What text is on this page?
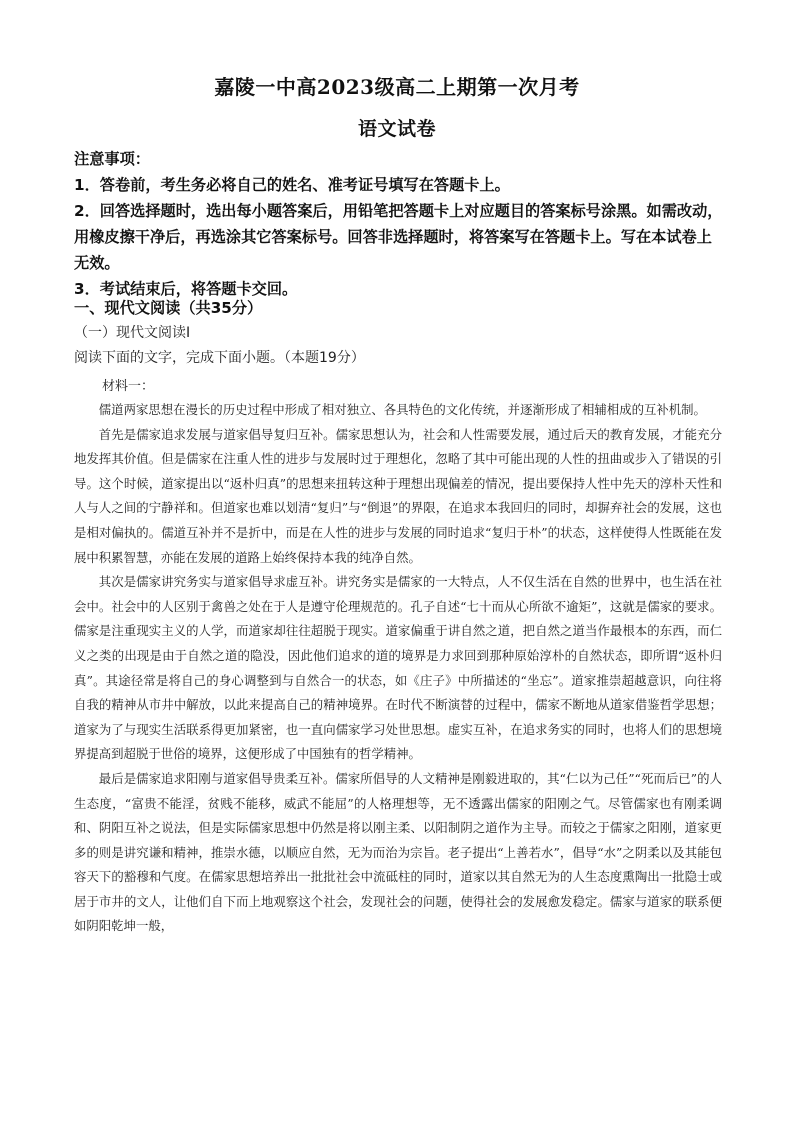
嘉陵一中高2023级高二上期第一次月考
语文试卷

注意事项：

1．答卷前，考生务必将自己的姓名、准考证号填写在答题卡上。

2．回答选择题时，选出每小题答案后，用铅笔把答题卡上对应题目的答案标号涂黑。如需改动，用橡皮擦干净后，再选涂其它答案标号。回答非选择题时，将答案写在答题卡上。写在本试卷上无效。

3．考试结束后，将答题卡交回。

一、现代文阅读（共35分）
（一）现代文阅读Ⅰ
阅读下面的文字，完成下面小题。（本题19分）
材料一：

儒道两家思想在漫长的历史过程中形成了相对独立、各具特色的文化传统，并逐渐形成了相辅相成的互补机制。

首先是儒家追求发展与道家倡导复归互补。儒家思想认为，社会和人性需要发展，通过后天的教育发展，才能充分地发挥其价值。但是儒家在注重人性的进步与发展时过于理想化，忽略了其中可能出现的人性的扭曲或步入了错误的引导。这个时候，道家提出以“返朴归真”的思想来扭转这种于理想出现偏差的情况，提出要保持人性中先天的淳朴天性和人与人之间的宁静祥和。但道家也难以划清“复归”与“倒退”的界限，在追求本我回归的同时，却摒弃社会的发展，这也是相对偏执的。儒道互补并不是折中，而是在人性的进步与发展的同时追求“复归于朴”的状态，这样使得人性既能在发展中积累智慧，亦能在发展的道路上始终保持本我的纯净自然。

其次是儒家讲究务实与道家倡导求虚互补。讲究务实是儒家的一大特点，人不仅生活在自然的世界中，也生活在社会中。社会中的人区别于禽兽之处在于人是遵守伦理规范的。孔子自述“七十而从心所欲不逾矩”，这就是儒家的要求。儒家是注重现实主义的人学，而道家却往往超脱于现实。道家偏重于讲自然之道，把自然之道当作最根本的东西，而仁义之类的出现是由于自然之道的隐没，因此他们追求的道的境界是力求回到那种原始淳朴的自然状态，即所谓“返朴归真”。其途径常是将自己的身心调整到与自然合一的状态，如《庄子》中所描述的“坐忘”。道家推崇超越意识，向往将自我的精神从市井中解放，以此来提高自己的精神境界。在时代不断演替的过程中，儒家不断地从道家借鉴哲学思想；道家为了与现实生活联系得更加紧密，也一直向儒家学习处世思想。虚实互补，在追求务实的同时，也将人们的思想境界提高到超脱于世俗的境界，这便形成了中国独有的哲学精神。

最后是儒家追求阳刚与道家倡导贵柔互补。儒家所倡导的人文精神是刚毅进取的，其“仁以为己任”“死而后已”的人生态度，“富贵不能淫，贫贱不能移，威武不能屈”的人格理想等，无不透露出儒家的阳刚之气。尽管儒家也有刚柔调和、阴阳互补之说法，但是实际儒家思想中仍然是将以刚主柔、以阳制阴之道作为主导。而较之于儒家之阳刚，道家更多的则是讲究谦和精神，推崇水德，以顺应自然，无为而治为宗旨。老子提出“上善若水”，倡导“水”之阴柔以及其能包容天下的豁穆和气度。在儒家思想培养出一批批社会中流砥柱的同时，道家以其自然无为的人生态度熏陶出一批隐士或居于市井的文人，让他们自下而上地观察这个社会，发现社会的问题，使得社会的发展愈发稳定。儒家与道家的联系便如阴阳乾坤一般，
